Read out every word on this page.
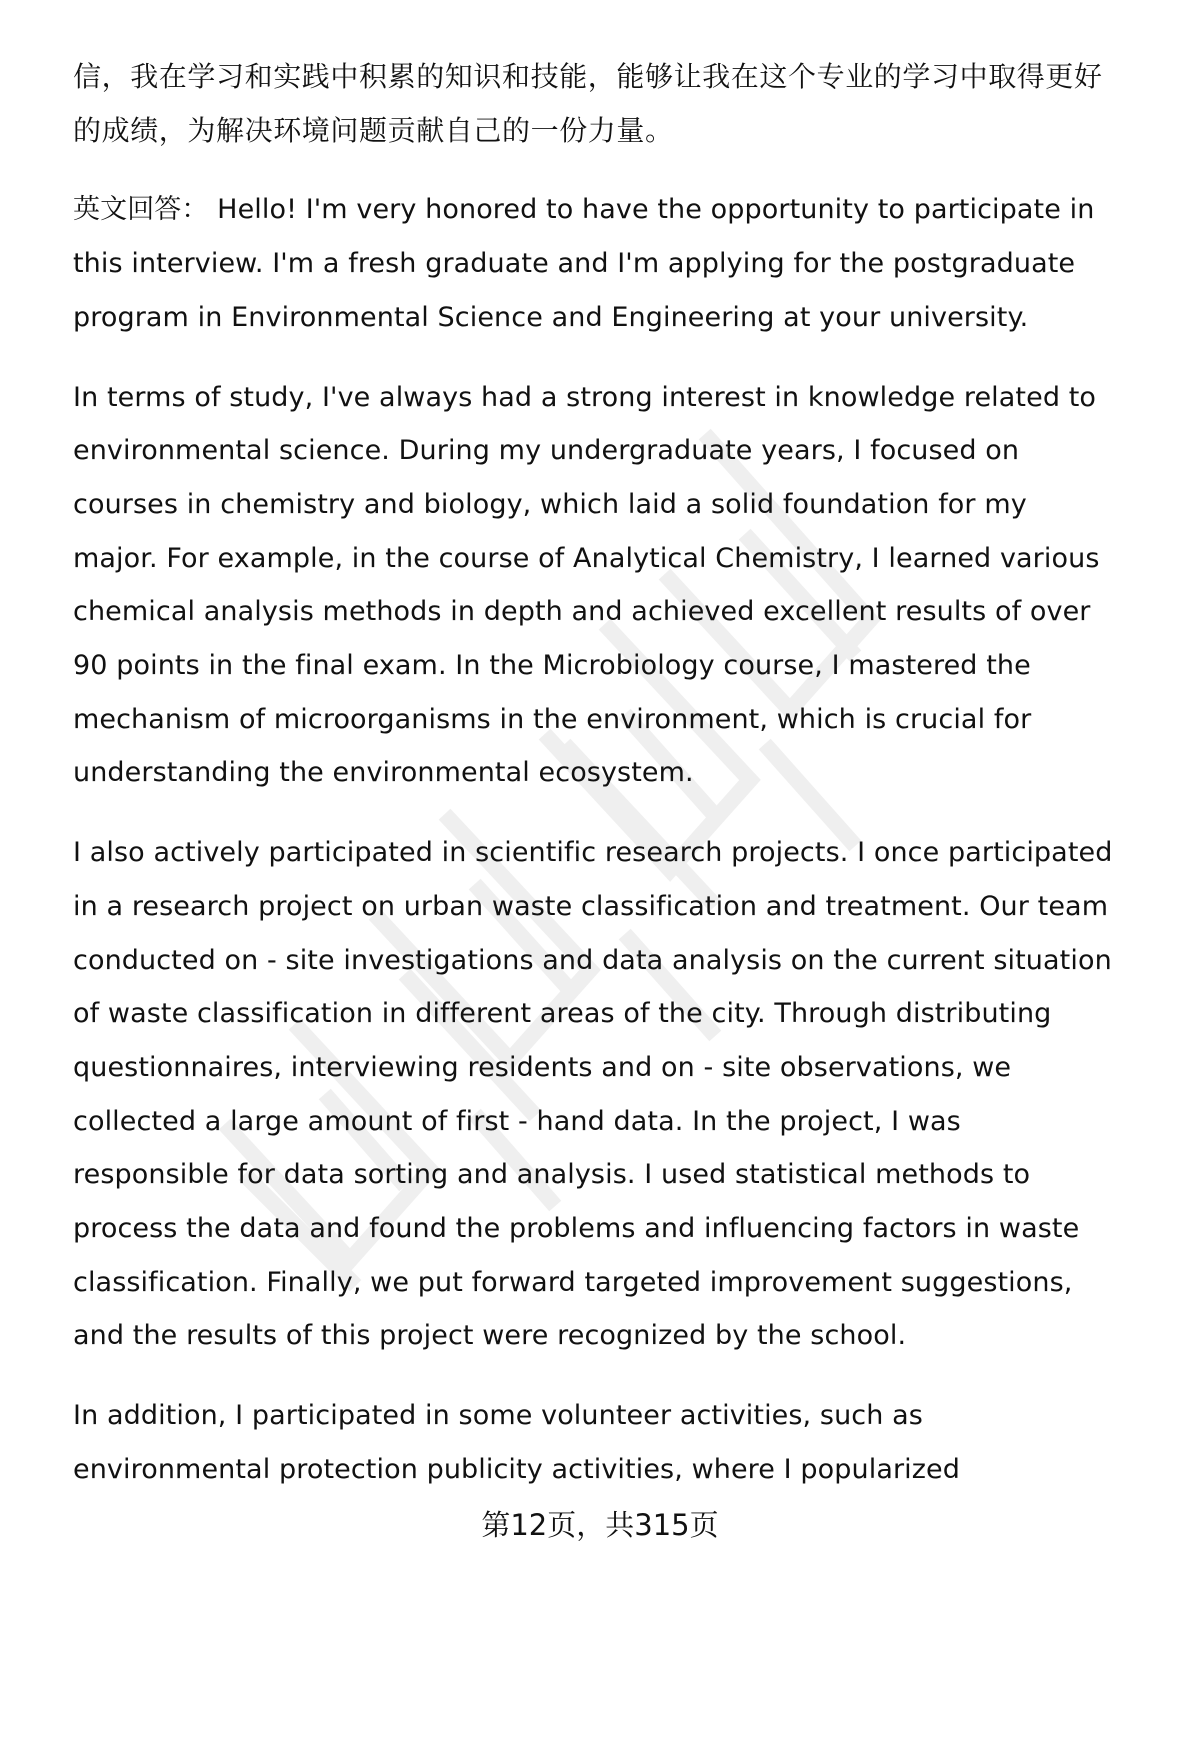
信，我在学习和实践中积累的知识和技能，能够让我在这个专业的学习中取得更好
的成绩，为解决环境问题贡献自己的一份力量。

英文回答： Hello! I'm very honored to have the opportunity to participate in
this interview. I'm a fresh graduate and I'm applying for the postgraduate
program in Environmental Science and Engineering at your university.

In terms of study, I've always had a strong interest in knowledge related to
environmental science. During my undergraduate years, I focused on
courses in chemistry and biology, which laid a solid foundation for my
major. For example, in the course of Analytical Chemistry, I learned various
chemical analysis methods in depth and achieved excellent results of over
90 points in the final exam. In the Microbiology course, I mastered the
mechanism of microorganisms in the environment, which is crucial for
understanding the environmental ecosystem.

I also actively participated in scientific research projects. I once participated
in a research project on urban waste classification and treatment. Our team
conducted on - site investigations and data analysis on the current situation
of waste classification in different areas of the city. Through distributing
questionnaires, interviewing residents and on - site observations, we
collected a large amount of first - hand data. In the project, I was
responsible for data sorting and analysis. I used statistical methods to
process the data and found the problems and influencing factors in waste
classification. Finally, we put forward targeted improvement suggestions,
and the results of this project were recognized by the school.

In addition, I participated in some volunteer activities, such as
environmental protection publicity activities, where I popularized

第12页，共315页
